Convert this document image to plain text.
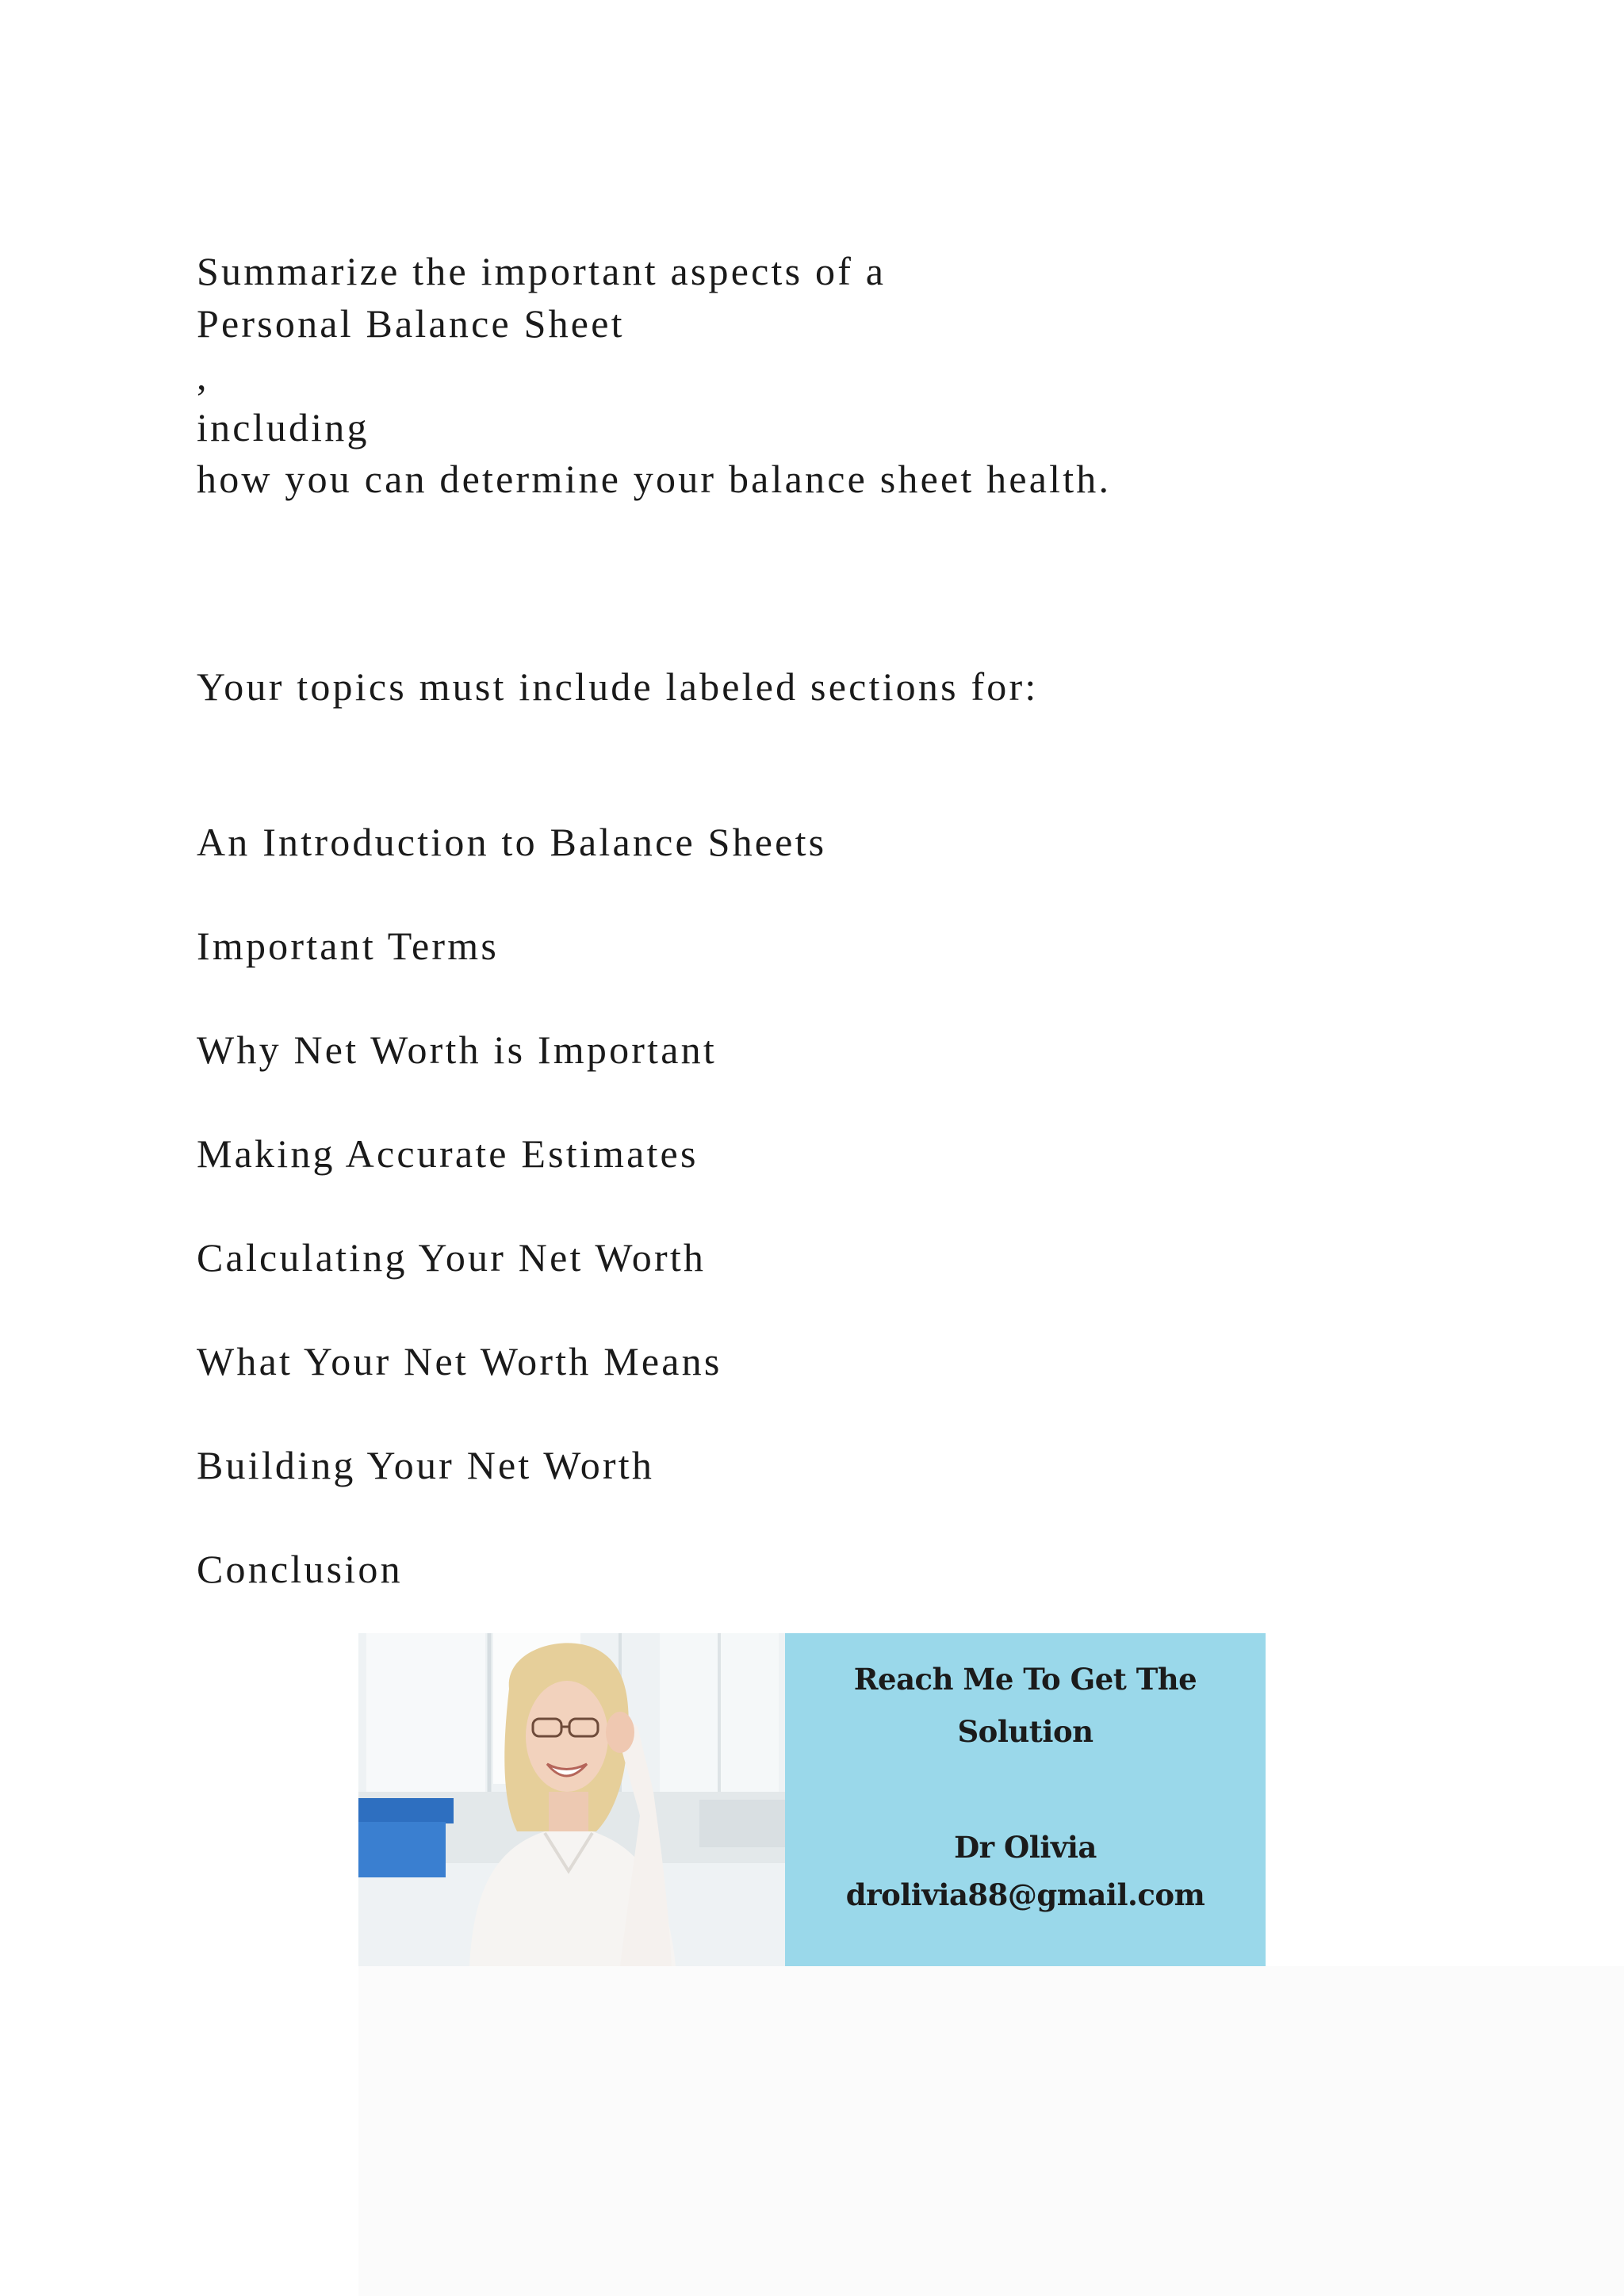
Summarize the important aspects of a
Personal Balance Sheet
,
including
how you can determine your balance sheet health.
Your topics must include labeled sections for:
An Introduction to Balance Sheets
Important Terms
Why Net Worth is Important
Making Accurate Estimates
Calculating Your Net Worth
What Your Net Worth Means
Building Your Net Worth
Conclusion
Reach Me To Get The
Solution
Dr Olivia
drolivia88@gmail.com
